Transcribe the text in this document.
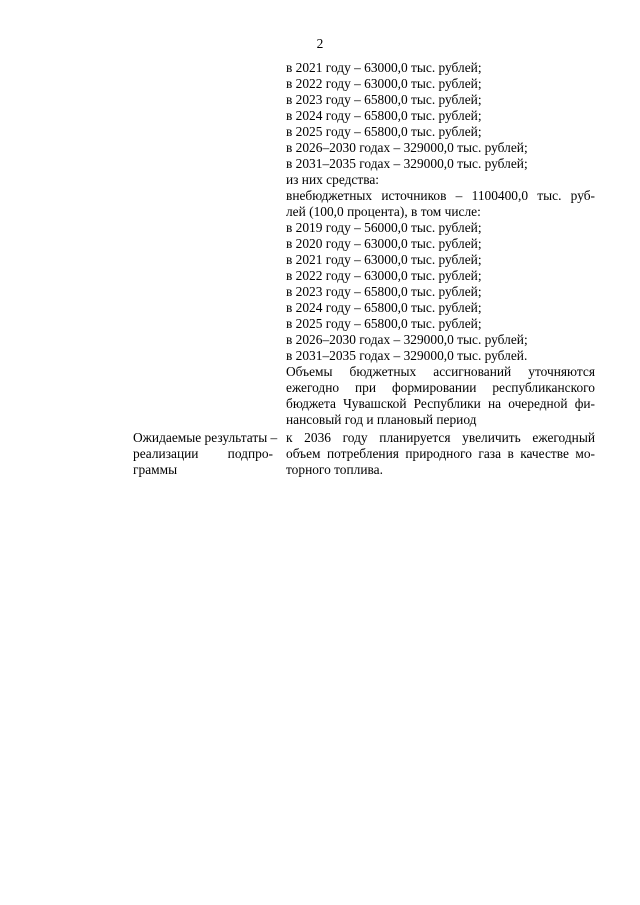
2
в 2021 году – 63000,0 тыс. рублей;
в 2022 году – 63000,0 тыс. рублей;
в 2023 году – 65800,0 тыс. рублей;
в 2024 году – 65800,0 тыс. рублей;
в 2025 году – 65800,0 тыс. рублей;
в 2026–2030 годах – 329000,0 тыс. рублей;
в 2031–2035 годах – 329000,0 тыс. рублей;
из них средства:
внебюджетных источников – 1100400,0 тыс. руб-
лей (100,0 процента), в том числе:
в 2019 году – 56000,0 тыс. рублей;
в 2020 году – 63000,0 тыс. рублей;
в 2021 году – 63000,0 тыс. рублей;
в 2022 году – 63000,0 тыс. рублей;
в 2023 году – 65800,0 тыс. рублей;
в 2024 году – 65800,0 тыс. рублей;
в 2025 году – 65800,0 тыс. рублей;
в 2026–2030 годах – 329000,0 тыс. рублей;
в 2031–2035 годах – 329000,0 тыс. рублей.
Объемы бюджетных ассигнований уточняются
ежегодно при формировании республиканского
бюджета Чувашской Республики на очередной фи-
нансовый год и плановый период
Ожидаемые результаты –
реализации подпро-
граммы
к 2036 году планируется увеличить ежегодный
объем потребления природного газа в качестве мо-
торного топлива.
